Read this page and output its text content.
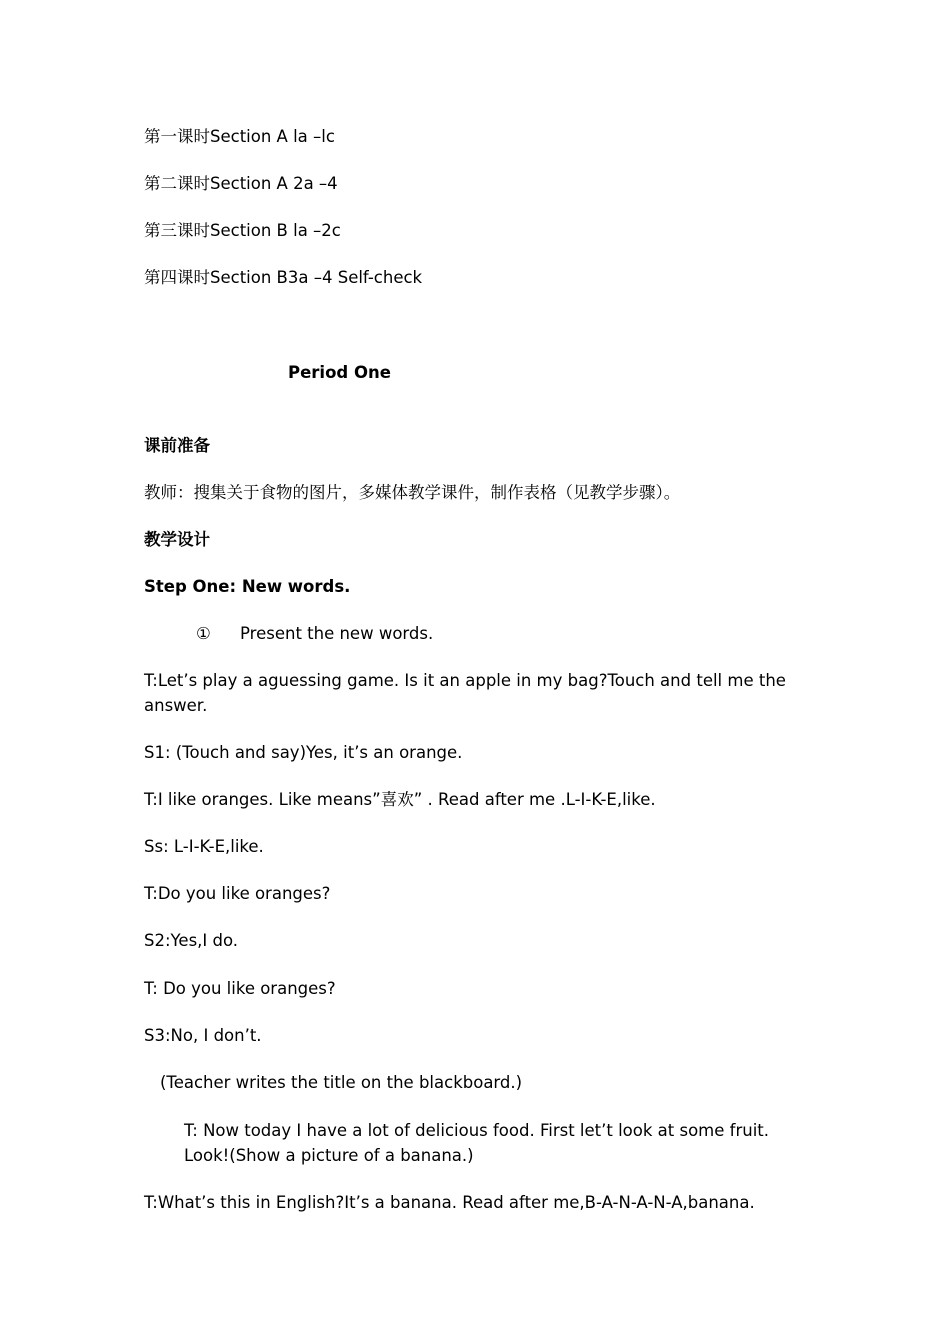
第一课时Section A la –lc
第二课时Section A 2a –4
第三课时Section B la –2c
第四课时Section B3a –4 Self-check
Period One
课前准备
教师：搜集关于食物的图片，多媒体教学课件，制作表格（见教学步骤）。
教学设计
Step One: New words.
① Present the new words.
T:Let’s play a aguessing game. Is it an apple in my bag?Touch and tell me the answer.
S1: (Touch and say)Yes, it’s an orange.
T:I like oranges. Like means”喜欢” . Read after me .L-I-K-E,like.
Ss: L-I-K-E,like.
T:Do you like oranges?
S2:Yes,I do.
T: Do you like oranges?
S3:No, I don’t.
(Teacher writes the title on the blackboard.)
T: Now today I have a lot of delicious food. First let’t look at some fruit. Look!(Show a picture of a banana.)
T:What’s this in English?It’s a banana. Read after me,B-A-N-A-N-A,banana.
